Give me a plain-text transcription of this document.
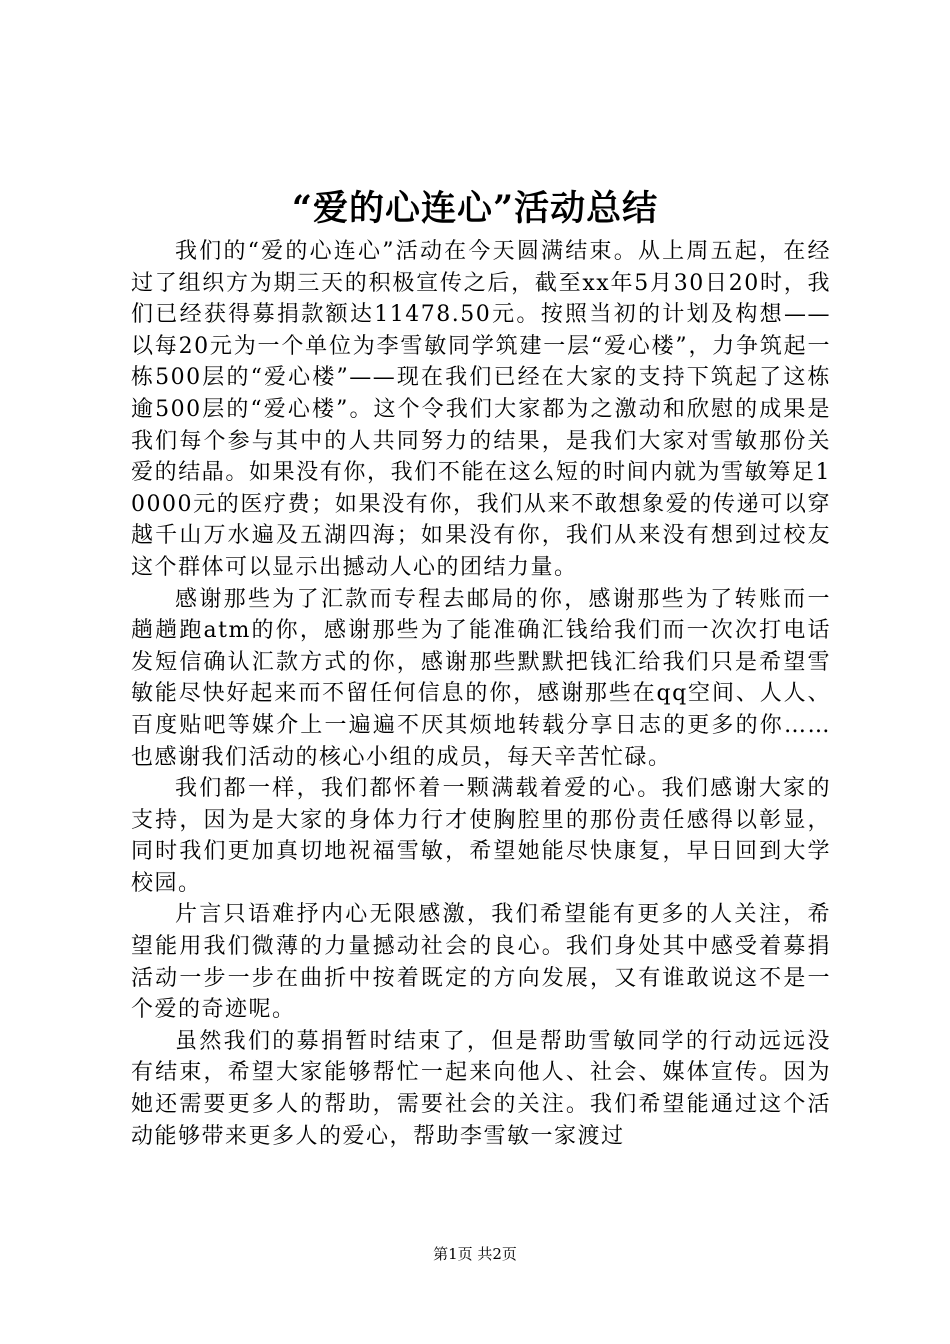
“爱的心连心”活动总结

我们的“爱的心连心”活动在今天圆满结束。从上周五起，在经过了组织方为期三天的积极宣传之后，截至xx年5月30日20时，我们已经获得募捐款额达11478.50元。按照当初的计划及构想——以每20元为一个单位为李雪敏同学筑建一层“爱心楼”，力争筑起一栋500层的“爱心楼”——现在我们已经在大家的支持下筑起了这栋逾500层的“爱心楼”。这个令我们大家都为之激动和欣慰的成果是我们每个参与其中的人共同努力的结果，是我们大家对雪敏那份关爱的结晶。如果没有你，我们不能在这么短的时间内就为雪敏筹足10000元的医疗费；如果没有你，我们从来不敢想象爱的传递可以穿越千山万水遍及五湖四海；如果没有你，我们从来没有想到过校友这个群体可以显示出撼动人心的团结力量。

感谢那些为了汇款而专程去邮局的你，感谢那些为了转账而一趟趟跑atm的你，感谢那些为了能准确汇钱给我们而一次次打电话发短信确认汇款方式的你，感谢那些默默把钱汇给我们只是希望雪敏能尽快好起来而不留任何信息的你，感谢那些在qq空间、人人、百度贴吧等媒介上一遍遍不厌其烦地转载分享日志的更多的你……也感谢我们活动的核心小组的成员，每天辛苦忙碌。

我们都一样，我们都怀着一颗满载着爱的心。我们感谢大家的支持，因为是大家的身体力行才使胸腔里的那份责任感得以彰显，同时我们更加真切地祝福雪敏，希望她能尽快康复，早日回到大学校园。

片言只语难抒内心无限感激，我们希望能有更多的人关注，希望能用我们微薄的力量撼动社会的良心。我们身处其中感受着募捐活动一步一步在曲折中按着既定的方向发展，又有谁敢说这不是一个爱的奇迹呢。

虽然我们的募捐暂时结束了，但是帮助雪敏同学的行动远远没有结束，希望大家能够帮忙一起来向他人、社会、媒体宣传。因为她还需要更多人的帮助，需要社会的关注。我们希望能通过这个活动能够带来更多人的爱心，帮助李雪敏一家渡过

第1页 共2页
